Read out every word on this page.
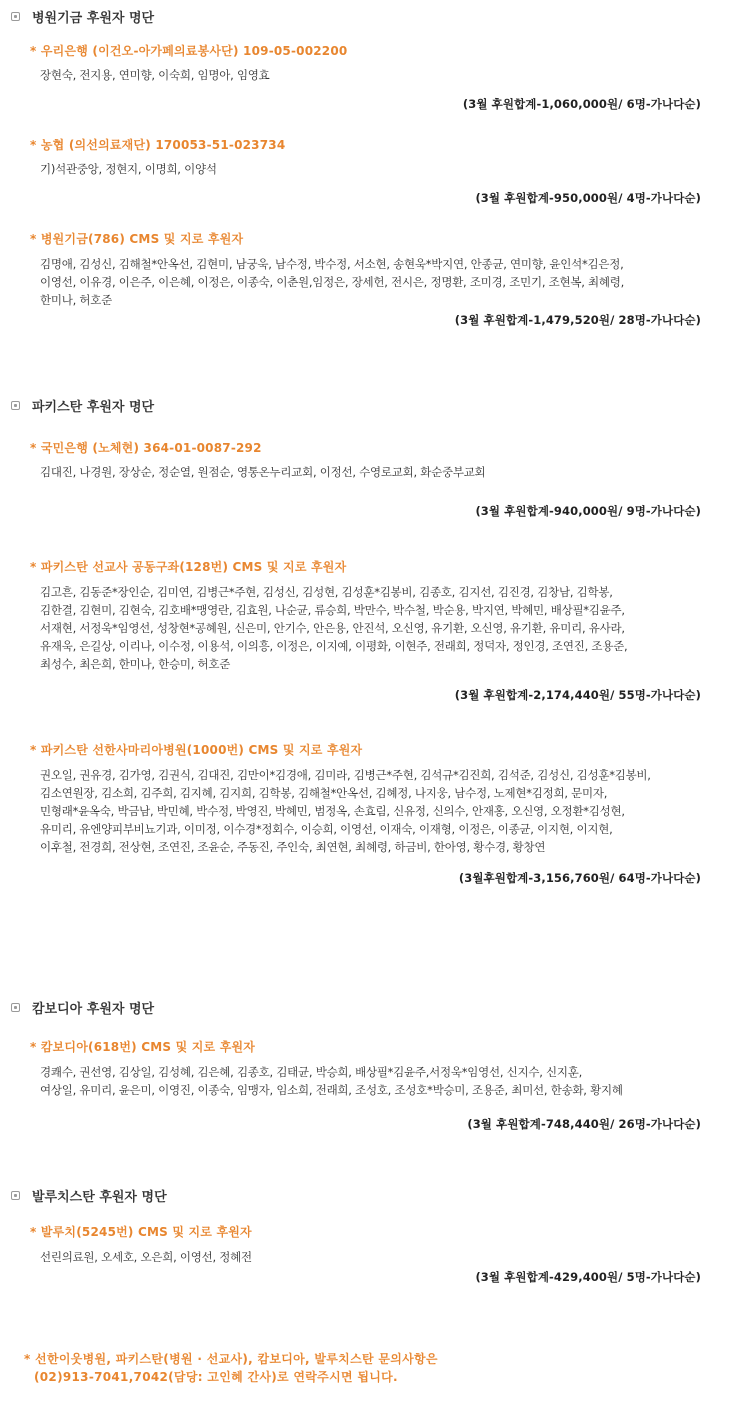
병원기금 후원자 명단
* 우리은행 (이건오-아가페의료봉사단) 109-05-002200
장현숙, 전지용, 연미향, 이숙희, 임명아, 임영효
(3월 후원합계-1,060,000원/ 6명-가나다순)
* 농협 (의선의료재단) 170053-51-023734
기)석관중앙, 정현지, 이명희, 이양석
(3월 후원합계-950,000원/ 4명-가나다순)
* 병원기금(786) CMS 및 지로 후원자
김명애, 김성신, 김해철*안옥선, 김현미, 남궁욱, 남수정, 박수정, 서소현, 송현욱*박지연, 안종균, 연미향, 윤인석*김은정,
이영선, 이유경, 이은주, 이은혜, 이정은, 이종숙, 이춘원,임정은, 장세헌, 전시은, 정명환, 조미경, 조민기, 조현복, 최혜령,
한미나, 허호준
(3월 후원합계-1,479,520원/ 28명-가나다순)
파키스탄 후원자 명단
* 국민은행 (노체현) 364-01-0087-292
김대진, 나경원, 장상순, 정순열, 원점순, 영통온누리교회, 이정선, 수영로교회, 화순중부교회
(3월 후원합계-940,000원/ 9명-가나다순)
* 파키스탄 선교사 공동구좌(128번) CMS 및 지로 후원자
김고흔, 김동준*장인순, 김미연, 김병근*주현, 김성신, 김성현, 김성훈*김봉비, 김종호, 김지선, 김진경, 김창남, 김학봉,
김한결, 김현미, 김현숙, 김호배*맹영란, 김효원, 나순균, 류승희, 박만수, 박수철, 박순용, 박지연, 박혜민, 배상필*김윤주,
서재현, 서정욱*임영선, 성창현*공혜원, 신은미, 안기수, 안은용, 안진석, 오신영, 유기환, 오신영, 유기환, 유미리, 유사라,
유재욱, 은길상, 이리나, 이수정, 이용석, 이의흥, 이정은, 이지예, 이평화, 이현주, 전래희, 정덕자, 정인경, 조연진, 조용준,
최성수, 최은희, 한미나, 한승미, 허호준
(3월 후원합계-2,174,440원/ 55명-가나다순)
* 파키스탄 선한사마리아병원(1000번) CMS 및 지로 후원자
권오일, 권유경, 김가영, 김권식, 김대진, 김만이*김경애, 김미라, 김병근*주현, 김석규*김진희, 김석준, 김성신, 김성훈*김봉비,
김소연원장, 김소희, 김주희, 김지혜, 김지희, 김학봉, 김해철*안옥선, 김혜정, 나지웅, 남수정, 노제현*김정희, 문미자,
민형래*윤옥숙, 박금남, 박민혜, 박수정, 박영진, 박혜민, 범정옥, 손효림, 신유정, 신의수, 안재홍, 오신영, 오정환*김성현,
유미리, 유엔양피부비뇨기과, 이미정, 이수경*정회수, 이승희, 이영선, 이재숙, 이재형, 이정은, 이종균, 이지현, 이지현,
이후철, 전경희, 전상현, 조연진, 조윤순, 주동진, 주인숙, 최연현, 최혜령, 하금비, 한아영, 황수경, 황창연
(3월후원합계-3,156,760원/ 64명-가나다순)
캄보디아 후원자 명단
* 캄보디아(618번) CMS 및 지로 후원자
경쾌수, 권선영, 김상일, 김성혜, 김은혜, 김종호, 김태균, 박승희, 배상필*김윤주,서정욱*임영선, 신지수, 신지훈,
여상일, 유미리, 윤은미, 이영진, 이종숙, 임맹자, 임소희, 전래희, 조성호, 조성호*박승미, 조용준, 최미선, 한송화, 황지혜
(3월 후원합계-748,440원/ 26명-가나다순)
발루치스탄 후원자 명단
* 발루치(5245번) CMS 및 지로 후원자
선린의료원, 오세호, 오은희, 이영선, 정혜전
(3월 후원합계-429,400원/ 5명-가나다순)
* 선한이웃병원, 파키스탄(병원 · 선교사), 캄보디아, 발루치스탄 문의사항은
(02)913-7041,7042(담당: 고인혜 간사)로 연락주시면 됩니다.
